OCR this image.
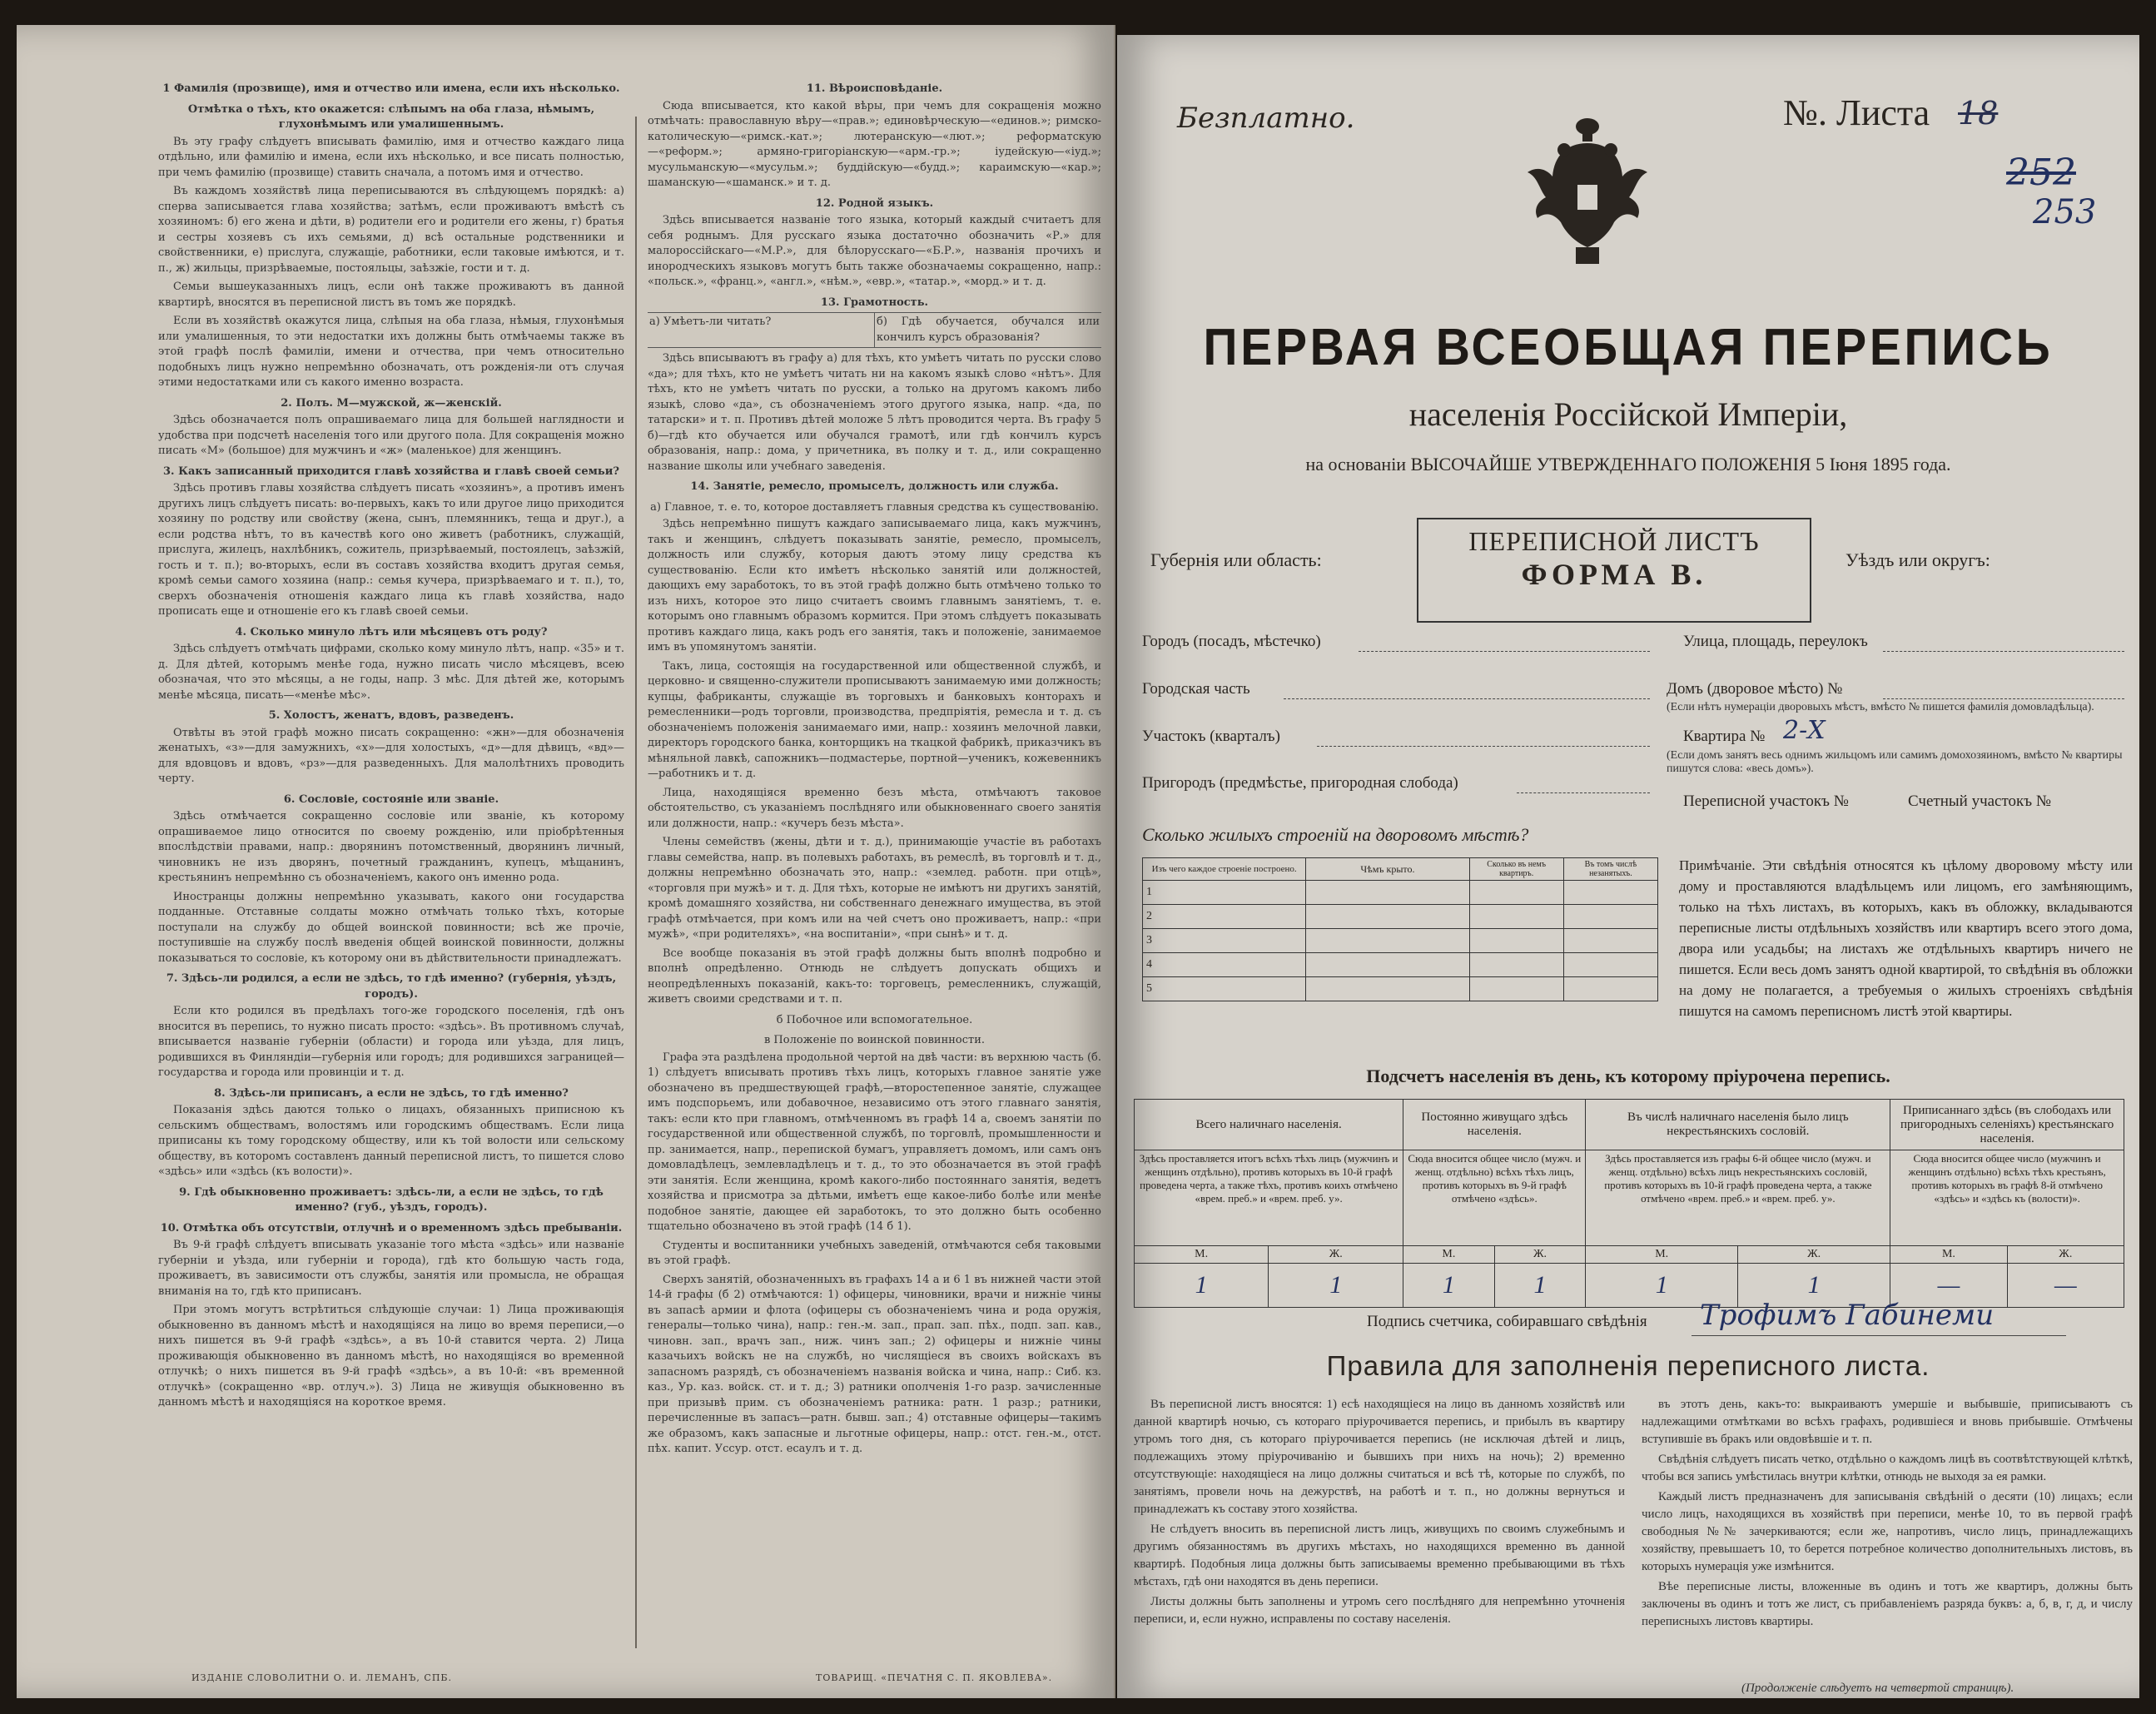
1 Фамилія (прозвище), имя и отчество или имена, если ихъ нѣсколько.
Отмѣтка о тѣхъ, кто окажется: слѣпымъ на оба глаза, нѣмымъ, глухонѣмымъ или умалишеннымъ.

Въ эту графу слѣдуетъ вписывать фамилію, имя и отчество каждаго лица отдѣльно, или фамилію и имена, если ихъ нѣсколько, и все писать полностью, при чемъ фамилію (прозвище) ставить сначала, а потомъ имя и отчество.

Въ каждомъ хозяйствѣ лица переписываются въ слѣдующемъ порядкѣ: а) сперва записывается глава хозяйства; затѣмъ, если проживаютъ вмѣстѣ съ хозяиномъ: б) его жена и дѣти, в) родители его и родители его жены, г) братья и сестры хозяевъ съ ихъ семьями, д) всѣ остальные родственники и свойственники, е) прислуга, служащіе, работники, если таковые имѣются, и т. п., ж) жильцы, призрѣваемые, постояльцы, заѣзжіе, гости и т. д.

Семьи вышеуказанныхъ лицъ, если онѣ также проживаютъ въ данной квартирѣ, вносятся въ переписной листъ въ томъ же порядкѣ.

Если въ хозяйствѣ окажутся лица, слѣпыя на оба глаза, нѣмыя, глухонѣмыя или умалишенныя, то эти недостатки ихъ должны быть отмѣчаемы также въ этой графѣ послѣ фамиліи, имени и отчества, при чемъ относительно подобныхъ лицъ нужно непремѣнно обозначать, отъ рожденія-ли отъ случая этими недостатками или съ какого именно возраста.

2. Полъ. М—мужской, ж—женскій.

Здѣсь обозначается полъ опрашиваемаго лица для большей наглядности и удобства при подсчетѣ населенія того или другого пола. Для сокращенія можно писать «М» (большое) для мужчинъ и «ж» (маленькое) для женщинъ.

3. Какъ записанный приходится главѣ хозяйства и главѣ своей семьи?

Здѣсь противъ главы хозяйства слѣдуетъ писать «хозяинъ», а противъ именъ другихъ лицъ слѣдуетъ писать: во-первыхъ, какъ то или другое лицо приходится хозяину по родству или свойству (жена, сынъ, племянникъ, теща и друг.), а если родства нѣтъ, то въ качествѣ кого оно живетъ (работникъ, служащій, прислуга, жилецъ, нахлѣбникъ, сожитель, призрѣваемый, постоялецъ, заѣзжій, гость и т. п.); во-вторыхъ, если въ составъ хозяйства входитъ другая семья, кромѣ семьи самого хозяина (напр.: семья кучера, призрѣваемаго и т. п.), то, сверхъ обозначенія отношенія каждаго лица къ главѣ хозяйства, надо прописать еще и отношеніе его къ главѣ своей семьи.

4. Сколько минуло лѣтъ или мѣсяцевъ отъ роду?

Здѣсь слѣдуетъ отмѣчать цифрами, сколько кому минуло лѣтъ, напр. «35» и т. д. Для дѣтей, которымъ менѣе года, нужно писать число мѣсяцевъ, всею обозначая, что это мѣсяцы, а не годы, напр. 3 мѣс. Для дѣтей же, которымъ менѣе мѣсяца, писать—«менѣе мѣс».

5. Холостъ, женатъ, вдовъ, разведенъ.

Отвѣты въ этой графѣ можно писать сокращенно: «жн»—для обозначенія женатыхъ, «з»—для замужнихъ, «х»—для холостыхъ, «д»—для дѣвицъ, «вд»—для вдовцовъ и вдовъ, «рз»—для разведенныхъ. Для малолѣтнихъ проводить черту.

6. Сословіе, состояніе или званіе.

Здѣсь отмѣчается сокращенно сословіе или званіе, къ которому опрашиваемое лицо относится по своему рожденію, или пріобрѣтенныя впослѣдствіи правами, напр.: дворянинъ потомственный, дворянинъ личный, чиновникъ не изъ дворянъ, почетный гражданинъ, купецъ, мѣщанинъ, крестьянинъ непремѣнно съ обозначеніемъ, какого онъ именно рода.

Иностранцы должны непремѣнно указывать, какого они государства подданные. Отставные солдаты можно отмѣчать только тѣхъ, которые поступали на службу до общей воинской повинности; всѣ же прочіе, поступившіе на службу послѣ введенія общей воинской повинности, должны показываться то сословіе, къ которому они въ дѣйствительности принадлежатъ.

7. Здѣсь-ли родился, а если не здѣсь, то гдѣ именно? (губернія, уѣздъ, городъ).

Если кто родился въ предѣлахъ того-же городского поселенія, гдѣ онъ вносится въ перепись, то нужно писать просто: «здѣсь». Въ противномъ случаѣ, вписывается названіе губерніи (области) и города или уѣзда, для лицъ, родившихся въ Финляндіи—губернія или городъ; для родившихся заграницей—государства и города или провинціи и т. д.

8. Здѣсь-ли приписанъ, а если не здѣсь, то гдѣ именно?

Показанія здѣсь даются только о лицахъ, обязанныхъ приписною къ сельскимъ обществамъ, волостямъ или городскимъ обществамъ. Если лица приписаны къ тому городскому обществу, или къ той волости или сельскому обществу, въ которомъ составленъ данный переписной листъ, то пишется слово «здѣсь» или «здѣсь (къ волости)».

9. Гдѣ обыкновенно проживаетъ: здѣсь-ли, а если не здѣсь, то гдѣ именно? (губ., уѣздъ, городъ).
10. Отмѣтка объ отсутствіи, отлучнѣ и о временномъ здѣсь пребываніи.

Въ 9-й графѣ слѣдуетъ вписывать указаніе того мѣста «здѣсь» или названіе губерніи и уѣзда, или губерніи и города), гдѣ кто большую часть года, проживаетъ, въ зависимости отъ службы, занятія или промысла, не обращая вниманія на то, гдѣ кто приписанъ.

При этомъ могутъ встрѣтиться слѣдующіе случаи: 1) Лица проживающія обыкновенно въ данномъ мѣстѣ и находящіяся на лицо во время переписи,—о нихъ пишется въ 9-й графѣ «здѣсь», а въ 10-й ставится черта. 2) Лица проживающія обыкновенно въ данномъ мѣстѣ, но находящіяся во временной отлучкѣ; о нихъ пишется въ 9-й графѣ «здѣсь», а въ 10-й: «въ временной отлучкѣ» (сокращенно «вр. отлуч.»). 3) Лица не живущія обыкновенно въ данномъ мѣстѣ и находящіяся на короткое время.

11. Вѣроисповѣданіе.

Сюда вписывается, кто какой вѣры, при чемъ для сокращенія можно отмѣчать: православную вѣру—«прав.»; единовѣрческую—«единов.»; римско-католическую—«римск.-кат.»; лютеранскую—«лют.»; реформатскую—«реформ.»; армяно-григоріанскую—«арм.-гр.»; іудейскую—«іуд.»; мусульманскую—«мусульм.»; буддійскую—«будд.»; караимскую—«кар.»; шаманскую—«шаманск.» и т. д.

12. Родной языкъ.

Здѣсь вписывается названіе того языка, который каждый считаетъ для себя роднымъ. Для русскаго языка достаточно обозначить «Р.» для малороссійскаго—«М.Р.», для бѣлорусскаго—«Б.Р.», названія прочихъ и инородческихъ языковъ могутъ быть также обозначаемы сокращенно, напр.: «польск.», «франц.», «англ.», «нѣм.», «евр.», «татар.», «морд.» и т. д.

13. Грамотность.
а) Умѣетъ-ли читать?	б) Гдѣ обучается, обучался или кончилъ курсъ образованія?

Здѣсь вписываютъ въ графу а) для тѣхъ, кто умѣетъ читать по русски слово «да»; для тѣхъ, кто не умѣетъ читать ни на какомъ языкѣ слово «нѣтъ». Для тѣхъ, кто не умѣетъ читать по русски, а только на другомъ какомъ либо языкѣ, слово «да», съ обозначеніемъ этого другого языка, напр. «да, по татарски» и т. п. Противъ дѣтей моложе 5 лѣтъ проводится черта. Въ графу 5 б)—гдѣ кто обучается или обучался грамотѣ, или гдѣ кончилъ курсъ образованія, напр.: дома, у причетника, въ полку и т. д., или сокращенно название школы или учебнаго заведенія.

14. Занятіе, ремесло, промыселъ, должность или служба.
а) Главное, т. е. то, которое доставляетъ главныя средства къ существованію.

Здѣсь непремѣнно пишутъ каждаго записываемаго лица, какъ мужчинъ, такъ и женщинъ, слѣдуетъ показывать занятіе, ремесло, промыселъ, должность или службу, которыя даютъ этому лицу средства къ существованію. Если кто имѣетъ нѣсколько занятій или должностей, дающихъ ему заработокъ, то въ этой графѣ должно быть отмѣчено только то изъ нихъ, которое это лицо считаетъ своимъ главнымъ занятіемъ, т. е. которымъ оно главнымъ образомъ кормится. При этомъ слѣдуетъ показывать противъ каждаго лица, какъ родъ его занятія, такъ и положеніе, занимаемое имъ въ упомянутомъ занятіи.

Такъ, лица, состоящія на государственной или общественной службѣ, и церковно- и священно-служители прописываютъ занимаемую ими должность; купцы, фабриканты, служащіе въ торговыхъ и банковыхъ конторахъ и ремесленники—родъ торговли, производства, предпріятія, ремесла и т. д. съ обозначеніемъ положенія занимаемаго ими, напр.: хозяинъ мелочной лавки, директоръ городского банка, конторщикъ на ткацкой фабрикѣ, приказчикъ въ мѣняльной лавкѣ, сапожникъ—подмастерье, портной—ученикъ, кожевенникъ—работникъ и т. д.

Лица, находящіяся временно безъ мѣста, отмѣчаютъ таковое обстоятельство, съ указаніемъ послѣдняго или обыкновеннаго своего занятія или должности, напр.: «кучеръ безъ мѣста».

Члены семействъ (жены, дѣти и т. д.), принимающіе участіе въ работахъ главы семейства, напр. въ полевыхъ работахъ, въ ремеслѣ, въ торговлѣ и т. д., должны непремѣнно обозначать это, напр.: «землед. работн. при отцѣ», «торговля при мужѣ» и т. д. Для тѣхъ, которые не имѣютъ ни другихъ занятій, кромѣ домашняго хозяйства, ни собственнаго денежнаго имущества, въ этой графѣ отмѣчается, при комъ или на чей счетъ оно проживаетъ, напр.: «при мужѣ», «при родителяхъ», «на воспитаніи», «при сынѣ» и т. д.

Все вообще показанія въ этой графѣ должны быть вполнѣ подробно и вполнѣ опредѣленно. Отнюдь не слѣдуетъ допускать общихъ и неопредѣленныхъ показаній, какъ-то: торговецъ, ремесленникъ, служащій, живетъ своими средствами и т. п.

б Побочное или вспомогательное.
в Положеніе по воинской повинности.

Графа эта раздѣлена продольной чертой на двѣ части: въ верхнюю часть (б. 1) слѣдуетъ вписывать противъ тѣхъ лицъ, которыхъ главное занятіе уже обозначено въ предшествующей графѣ,—второстепенное занятіе, служащее имъ подспорьемъ, или добавочное, независимо отъ этого главнаго занятія, такъ: если кто при главномъ, отмѣченномъ въ графѣ 14 а, своемъ занятіи по государственной или общественной службѣ, по торговлѣ, промышленности и пр. занимается, напр., перепиской бумагъ, управляетъ домомъ, или самъ онъ домовладѣлецъ, землевладѣлецъ и т. д., то это обозначается въ этой графѣ эти занятія. Если женщина, кромѣ какого-либо постояннаго занятія, ведетъ хозяйства и присмотра за дѣтьми, имѣетъ еще какое-либо болѣе или менѣе подобное занятіе, дающее ей заработокъ, то это должно быть особенно тщательно обозначено въ этой графѣ (14 б 1).

Студенты и воспитанники учебныхъ заведеній, отмѣчаются себя таковыми въ этой графѣ.

Сверхъ занятій, обозначенныхъ въ графахъ 14 а и 6 1 въ нижней части этой 14-й графы (б 2) отмѣчаются: 1) офицеры, чиновники, врачи и нижніе чины въ запасѣ армии и флота (офицеры съ обозначеніемъ чина и рода оружія, генералы—только чина), напр.: ген.-м. зап., прап. зап. пѣх., подп. зап. кав., чиновн. зап., врачъ зап., ниж. чинъ зап.; 2) офицеры и нижніе чины казачьихъ войскъ не на службѣ, но числящіеся въ своихъ войскахъ въ запасномъ разрядѣ, съ обозначеніемъ названія войска и чина, напр.: Сиб. кз. каз., Ур. каз. войск. ст. и т. д.; 3) ратники ополченія 1-го разр. зачисленные при призывѣ прим. съ обозначеніемъ ратника: ратн. 1 разр.; ратники, перечисленные въ запасъ—ратн. бывш. зап.; 4) отставные офицеры—такимъ же образомъ, какъ запасные и льготные офицеры, напр.: отст. ген.-м., отст. пѣх. капит. Уссур. отст. есаулъ и т. д.

ИЗДАНІЕ СЛОВОЛИТНИ О. И. ЛЕМАНЪ, СПБ.	ТОВАРИЩ. «ПЕЧАТНЯ С. П. ЯКОВЛЕВА».
Безплатно.	№. Листа 18
252
253
ПЕРВАЯ ВСЕОБЩАЯ ПЕРЕПИСЬ
населенія Россійской Имперіи,
на основаніи ВЫСОЧАЙШЕ УТВЕРЖДЕННАГО ПОЛОЖЕНІЯ 5 Іюня 1895 года.
Губернія или область:
ПЕРЕПИСНОЙ ЛИСТЪ
ФОРМА В.	Уѣздъ или округъ:
Городъ (посадъ, мѣстечко)
Городская часть
Участокъ (кварталъ)
Пригородъ (предмѣстье, пригородная слобода)
Улица, площадь, переулокъ
Домъ (дворовое мѣсто) №
(Если нѣтъ нумераціи дворовыхъ мѣстъ, вмѣсто № пишется фамилія домовладѣльца).
Квартира № 2-Х
(Если домъ занятъ весь однимъ жильцомъ или самимъ домохозяиномъ, вмѣсто № квартиры пишутся слова: «весь домъ»).
Переписной участокъ №	Счетный участокъ №
Сколько жилыхъ строеній на дворовомъ мѣстѣ?
Изъ чего каждое строеніе построено.	Чѣмъ крыто.	Сколько въ немъ квартиръ.	Въ томъ числѣ незанятыхъ.
1			
2			
3			
4			
5			
Примѣчаніе. Эти свѣдѣнія относятся къ цѣлому дворовому мѣсту или дому и проставляются владѣльцемъ или лицомъ, его замѣняющимъ, только на тѣхъ листахъ, въ которыхъ, какъ въ обложку, вкладываются переписные листы отдѣльныхъ хозяйствъ или квартиръ всего этого дома, двора или усадьбы; на листахъ же отдѣльныхъ квартиръ ничего не пишется. Если весь домъ занятъ одной квартирой, то свѣдѣнія въ обложки на дому не полагается, а требуемыя о жилыхъ строеніяхъ свѣдѣнія пишутся на самомъ переписномъ листѣ этой квартиры.
Подсчетъ населенія въ день, къ которому пріурочена перепись.
Всего наличнаго населенія.		Постоянно живущаго здѣсь населенія.		Въ числѣ наличнаго населенія было лицъ некрестьянскихъ сословій.		Приписаннаго здѣсь (въ слободахъ или пригородныхъ селеніяхъ) крестьянскаго населенія.	
Здѣсь проставляется итогъ всѣхъ тѣхъ лицъ (мужчинъ и женщинъ отдѣльно), противъ которыхъ въ 10-й графѣ проведена черта, а также тѣхъ, противъ коихъ отмѣчено «врем. преб.» и «врем. преб. у».		Сюда вносится общее число (мужч. и женщ. отдѣльно) всѣхъ тѣхъ лицъ, противъ которыхъ въ 9-й графѣ отмѣчено «здѣсь».		Здѣсь проставляется изъ графы 6-й общее число (мужч. и женщ. отдѣльно) всѣхъ лицъ некрестьянскихъ сословій, противъ которыхъ въ 10-й графѣ проведена черта, а также отмѣчено «врем. преб.» и «врем. преб. у».		Сюда вносится общее число (мужчинъ и женщинъ отдѣльно) всѣхъ тѣхъ крестьянъ, противъ которыхъ въ графѣ 8-й отмѣчено «здѣсь» и «здѣсь къ (волости)».	
М.	Ж.	М.	Ж.	М.	Ж.	М.	Ж.
1	1	1	1	1	1	—	—
Подпись счетчика, собиравшаго свѣдѣнія Трофимъ Габинеми
Правила для заполненія переписного листа.

Въ переписной листъ вносятся: 1) есѣ находящіеся на лицо въ данномъ хозяйствѣ или данной квартирѣ ночью, съ котораго пріурочивается перепись, и прибылъ въ квартиру утромъ того дня, съ котораго пріурочивается перепись (не исключая дѣтей и лицъ, подлежащихъ этому пріурочиванію и бывшихъ при нихъ на ночь); 2) временно отсутствующіе: находящіеся на лицо должны считаться и всѣ тѣ, которые по службѣ, по занятіямъ, провели ночь на дежурствѣ, на работѣ и т. п., но должны вернуться и принадлежатъ къ составу этого хозяйства.

Не слѣдуетъ вносить въ переписной листъ лицъ, живущихъ по своимъ служебнымъ и другимъ обязанностямъ въ другихъ мѣстахъ, но находящихся временно въ данной квартирѣ. Подобныя лица должны быть записываемы временно пребывающими въ тѣхъ мѣстахъ, гдѣ они находятся въ день переписи.

Листы должны быть заполнены и утромъ сего послѣдняго для непремѣнно уточненія переписи, и, если нужно, исправлены по составу населенія.

въ этотъ день, какъ-то: выкраиваютъ умершіе и выбывшіе, приписываютъ съ надлежащими отмѣтками во всѣхъ графахъ, родившіеся и вновь прибывшіе. Отмѣчены вступившіе въ бракъ или овдовѣвшіе и т. п.

Свѣдѣнія слѣдуетъ писать четко, отдѣльно о каждомъ лицѣ въ соотвѣтствующей клѣткѣ, чтобы вся запись умѣстилась внутри клѣтки, отнюдь не выходя за ея рамки.

Каждый листъ предназначенъ для записыванія свѣдѣній о десяти (10) лицахъ; если число лицъ, находящихся въ хозяйствѣ при переписи, менѣе 10, то въ первой графѣ свободныя №№ зачеркиваются; если же, напротивъ, число лицъ, принадлежащихъ хозяйству, превышаетъ 10, то берется потребное количество дополнительныхъ листовъ, въ которыхъ нумерація уже измѣнится.

Вѣе переписные листы, вложенные въ одинъ и тотъ же квартиръ, должны быть заключены въ одинъ и тотъ же лист, съ прибавленіемъ разряда буквъ: а, б, в, г, д, и числу переписныхъ листовъ квартиры.

(Продолженіе слѣдуетъ на четвертой страницѣ).
